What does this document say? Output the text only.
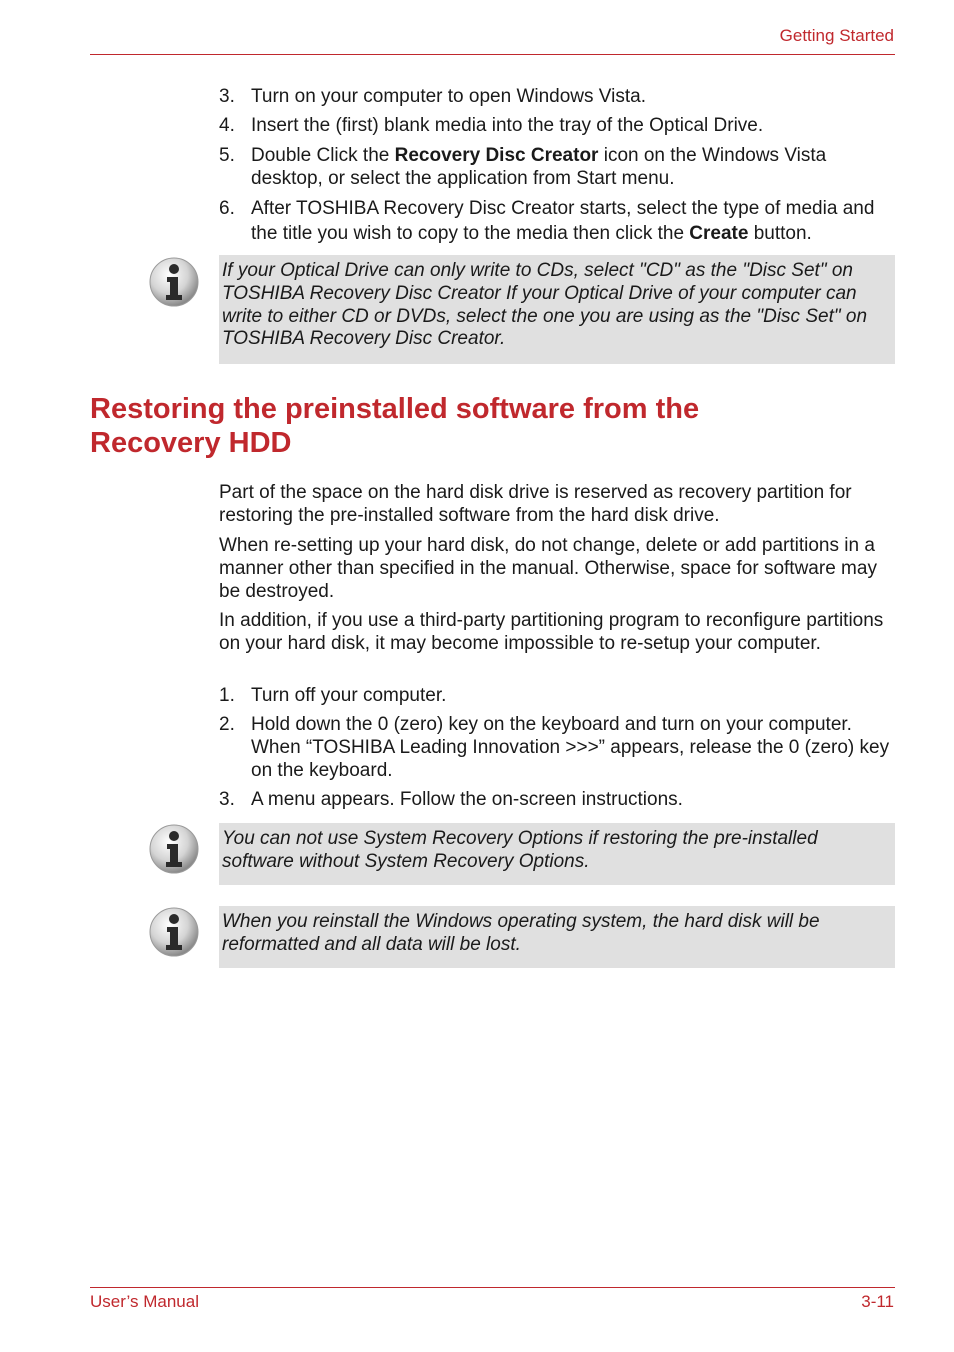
Getting Started
3. Turn on your computer to open Windows Vista.
4. Insert the (first) blank media into the tray of the Optical Drive.
5. Double Click the Recovery Disc Creator icon on the Windows Vista desktop, or select the application from Start menu.
6. After TOSHIBA Recovery Disc Creator starts, select the type of media and the title you wish to copy to the media then click the Create button.
If your Optical Drive can only write to CDs, select "CD" as the "Disc Set" on TOSHIBA Recovery Disc Creator If your Optical Drive of your computer can write to either CD or DVDs, select the one you are using as the "Disc Set" on TOSHIBA Recovery Disc Creator.
Restoring the preinstalled software from the
Recovery HDD
Part of the space on the hard disk drive is reserved as recovery partition for restoring the pre-installed software from the hard disk drive.
When re-setting up your hard disk, do not change, delete or add partitions in a manner other than specified in the manual. Otherwise, space for software may be destroyed.
In addition, if you use a third-party partitioning program to reconfigure partitions on your hard disk, it may become impossible to re-setup your computer.
1. Turn off your computer.
2. Hold down the 0 (zero) key on the keyboard and turn on your computer. When “TOSHIBA Leading Innovation >>>” appears, release the 0 (zero) key on the keyboard.
3. A menu appears. Follow the on-screen instructions.
You can not use System Recovery Options if restoring the pre-installed software without System Recovery Options.
When you reinstall the Windows operating system, the hard disk will be reformatted and all data will be lost.
User’s Manual	3-11
